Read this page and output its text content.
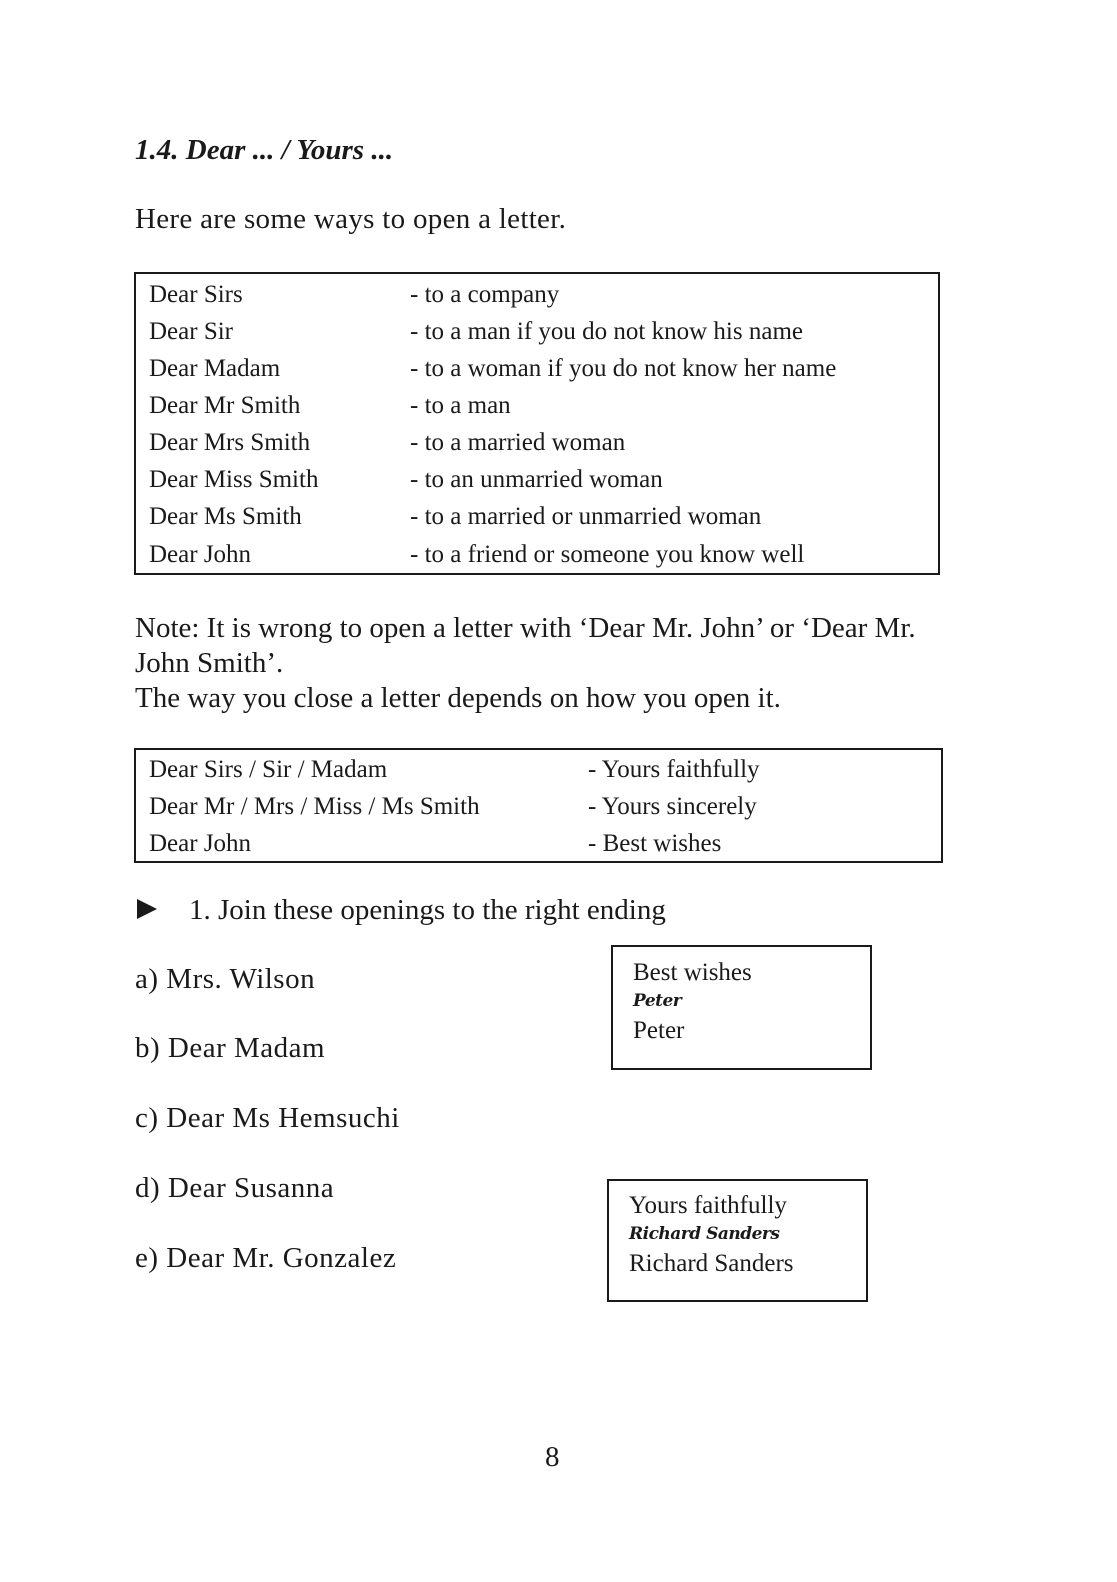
1.4. Dear ... / Yours ...
Here are some ways to open a letter.
Dear Sirs	- to a company
Dear Sir	- to a man if you do not know his name
Dear Madam	- to a woman if you do not know her name
Dear Mr Smith	- to a man
Dear Mrs Smith	- to a married woman
Dear Miss Smith	- to an unmarried woman
Dear Ms Smith	- to a married or unmarried woman
Dear John	- to a friend or someone you know well
Note: It is wrong to open a letter with ‘Dear Mr. John’ or ‘Dear Mr.
John Smith’.
The way you close a letter depends on how you open it.
Dear Sirs / Sir / Madam	- Yours faithfully
Dear Mr / Mrs / Miss / Ms Smith	- Yours sincerely
Dear John	- Best wishes
1. Join these openings to the right ending
a) Mrs. Wilson
b) Dear Madam
c) Dear Ms Hemsuchi
d) Dear Susanna
e) Dear Mr. Gonzalez
Best wishes
Peter
Peter
Yours faithfully
Richard Sanders
Richard Sanders
8
